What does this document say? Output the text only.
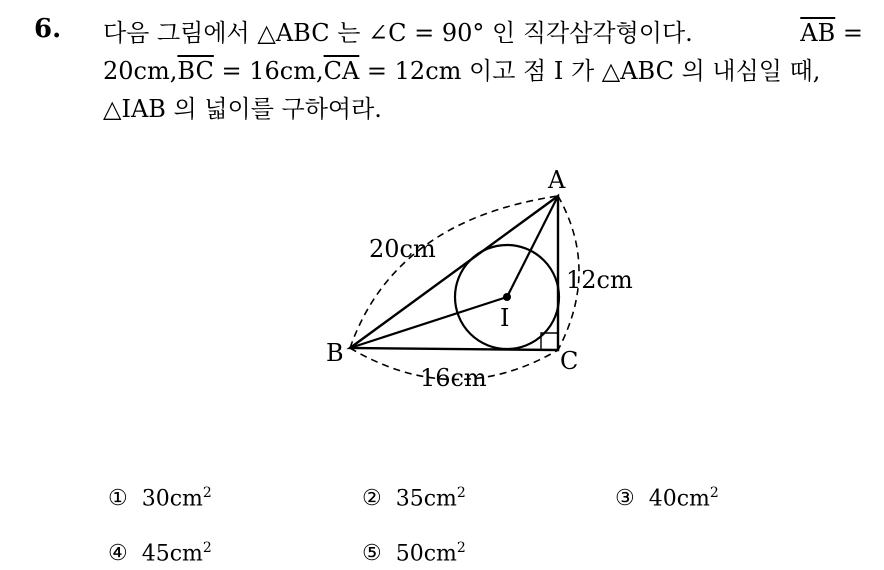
6. 다음 그림에서 △ABC 는 ∠C = 90° 인 직각삼각형이다.	$\overline{AB}$ =
$20cm,\overline{BC} = 16cm,\overline{CA} = 12cm$ 이고 점 I 가 △ABC 의 내심일 때,
△IAB 의 넓이를 구하여라.
A
B	C
I
20cm
12cm
16cm
① $30cm^2$	② $35cm^2$	③ $40cm^2$
④ $45cm^2$	⑤ $50cm^2$
